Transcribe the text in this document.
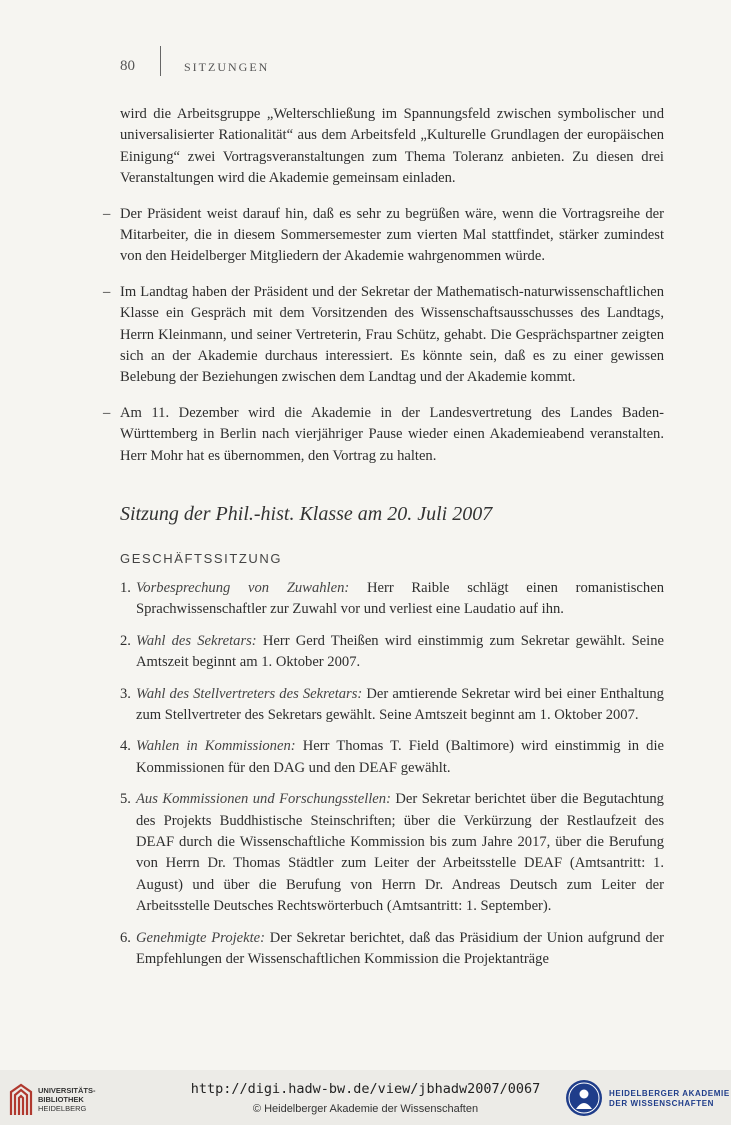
80	SITZUNGEN

wird die Arbeitsgruppe „Welterschließung im Spannungsfeld zwischen symbolischer und universalisierter Rationalität“ aus dem Arbeitsfeld „Kulturelle Grundlagen der europäischen Einigung“ zwei Vortragsveranstaltungen zum Thema Toleranz anbieten. Zu diesen drei Veranstaltungen wird die Akademie gemeinsam einladen.

– Der Präsident weist darauf hin, daß es sehr zu begrüßen wäre, wenn die Vortragsreihe der Mitarbeiter, die in diesem Sommersemester zum vierten Mal stattfindet, stärker zumindest von den Heidelberger Mitgliedern der Akademie wahrgenommen würde.
– Im Landtag haben der Präsident und der Sekretar der Mathematisch-naturwissenschaftlichen Klasse ein Gespräch mit dem Vorsitzenden des Wissenschaftsausschusses des Landtags, Herrn Kleinmann, und seiner Vertreterin, Frau Schütz, gehabt. Die Gesprächspartner zeigten sich an der Akademie durchaus interessiert. Es könnte sein, daß es zu einer gewissen Belebung der Beziehungen zwischen dem Landtag und der Akademie kommt.
– Am 11. Dezember wird die Akademie in der Landesvertretung des Landes Baden-Württemberg in Berlin nach vierjähriger Pause wieder einen Akademieabend veranstalten. Herr Mohr hat es übernommen, den Vortrag zu halten.
Sitzung der Phil.-hist. Klasse am 20. Juli 2007
GESCHÄFTSSITZUNG
1. Vorbesprechung von Zuwahlen: Herr Raible schlägt einen romanistischen Sprachwissenschaftler zur Zuwahl vor und verliest eine Laudatio auf ihn.
2. Wahl des Sekretars: Herr Gerd Theißen wird einstimmig zum Sekretar gewählt. Seine Amtszeit beginnt am 1. Oktober 2007.
3. Wahl des Stellvertreters des Sekretars: Der amtierende Sekretar wird bei einer Enthaltung zum Stellvertreter des Sekretars gewählt. Seine Amtszeit beginnt am 1. Oktober 2007.
4. Wahlen in Kommissionen: Herr Thomas T. Field (Baltimore) wird einstimmig in die Kommissionen für den DAG und den DEAF gewählt.
5. Aus Kommissionen und Forschungsstellen: Der Sekretar berichtet über die Begutachtung des Projekts Buddhistische Steinschriften; über die Verkürzung der Restlaufzeit des DEAF durch die Wissenschaftliche Kommission bis zum Jahre 2017, über die Berufung von Herrn Dr. Thomas Städtler zum Leiter der Arbeitsstelle DEAF (Amtsantritt: 1. August) und über die Berufung von Herrn Dr. Andreas Deutsch zum Leiter der Arbeitsstelle Deutsches Rechtswörterbuch (Amtsantritt: 1. September).
6. Genehmigte Projekte: Der Sekretar berichtet, daß das Präsidium der Union aufgrund der Empfehlungen der Wissenschaftlichen Kommission die Projektanträge
UNIVERSITÄTS-
BIBLIOTHEK
HEIDELBERG
http://digi.hadw-bw.de/view/jbhadw2007/0067
© Heidelberger Akademie der Wissenschaften
HEIDELBERGER AKADEMIE
DER WISSENSCHAFTEN
